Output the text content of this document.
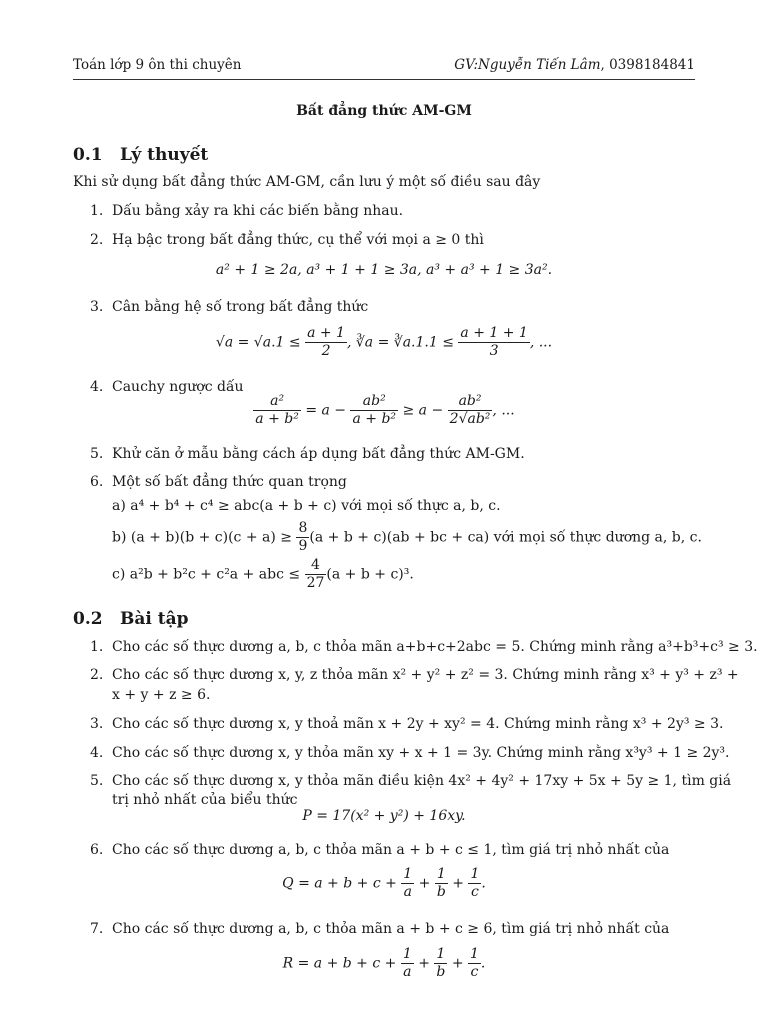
Toán lớp 9 ôn thi chuyên	GV:Nguyễn Tiến Lâm, 0398184841
Bất đẳng thức AM-GM
0.1 Lý thuyết
Khi sử dụng bất đẳng thức AM-GM, cần lưu ý một số điều sau đây
1. Dấu bằng xảy ra khi các biến bằng nhau.
2. Hạ bậc trong bất đẳng thức, cụ thể với mọi a ≥ 0 thì
a² + 1 ≥ 2a, a³ + 1 + 1 ≥ 3a, a³ + a³ + 1 ≥ 3a².
3. Cân bằng hệ số trong bất đẳng thức
$√a = √a.1 \le \frac{a + 1}{2}$ , ∛a = ∛a.1.1 ≤ $\frac{a + 1 + 1}{3}$ , ...
4. Cauchy ngược dấu
$\frac{\text{a²}}{\text{a + b²}} = a - \frac{\text{ab²}}{\text{a + b²}} \ge a - \frac{\text{ab²}}{\text{2√ab²}}$ , ...
5. Khử căn ở mẫu bằng cách áp dụng bất đẳng thức AM-GM.
6. Một số bất đẳng thức quan trọng
a) a⁴ + b⁴ + c⁴ ≥ abc(a + b + c) với mọi số thực a, b, c.
b) $(a + b)(b + c)(c + a) \ge \frac{8}{9} (a + b + c)(ab$ + bc + ca) với mọi số thực dương a, b, c.
c) a²b + b²c + c²a + abc ≤ $\frac{4}{27} (a + b + c)^3$.
0.2 Bài tập
1. Cho các số thực dương a, b, c thỏa mãn a+b+c+2abc = 5. Chứng minh rằng a³+b³+c³ ≥ 3.
2. Cho các số thực dương x, y, z thỏa mãn x² + y² + z² = 3. Chứng minh rằng x³ + y³ + z³ +
x + y + z ≥ 6.
3. Cho các số thực dương x, y thoả mãn x + 2y + xy² = 4. Chứng minh rằng x³ + 2y³ ≥ 3.
4. Cho các số thực dương x, y thỏa mãn xy + x + 1 = 3y. Chứng minh rằng x³y³ + 1 ≥ 2y³.
5. Cho các số thực dương x, y thỏa mãn điều kiện 4x² + 4y² + 17xy + 5x + 5y ≥ 1, tìm giá
trị nhỏ nhất của biểu thức
P = 17(x² + y²) + 16xy.
6. Cho các số thực dương a, b, c thỏa mãn a + b + c ≤ 1, tìm giá trị nhỏ nhất của
$Q = a + b + c + \frac{1}{a} + \frac{1}{b} + \frac{1}{c}$ .
7. Cho các số thực dương a, b, c thỏa mãn a + b + c ≥ 6, tìm giá trị nhỏ nhất của
$R = a + b + c + \frac{1}{a} + \frac{1}{b} + \frac{1}{c}$ .
